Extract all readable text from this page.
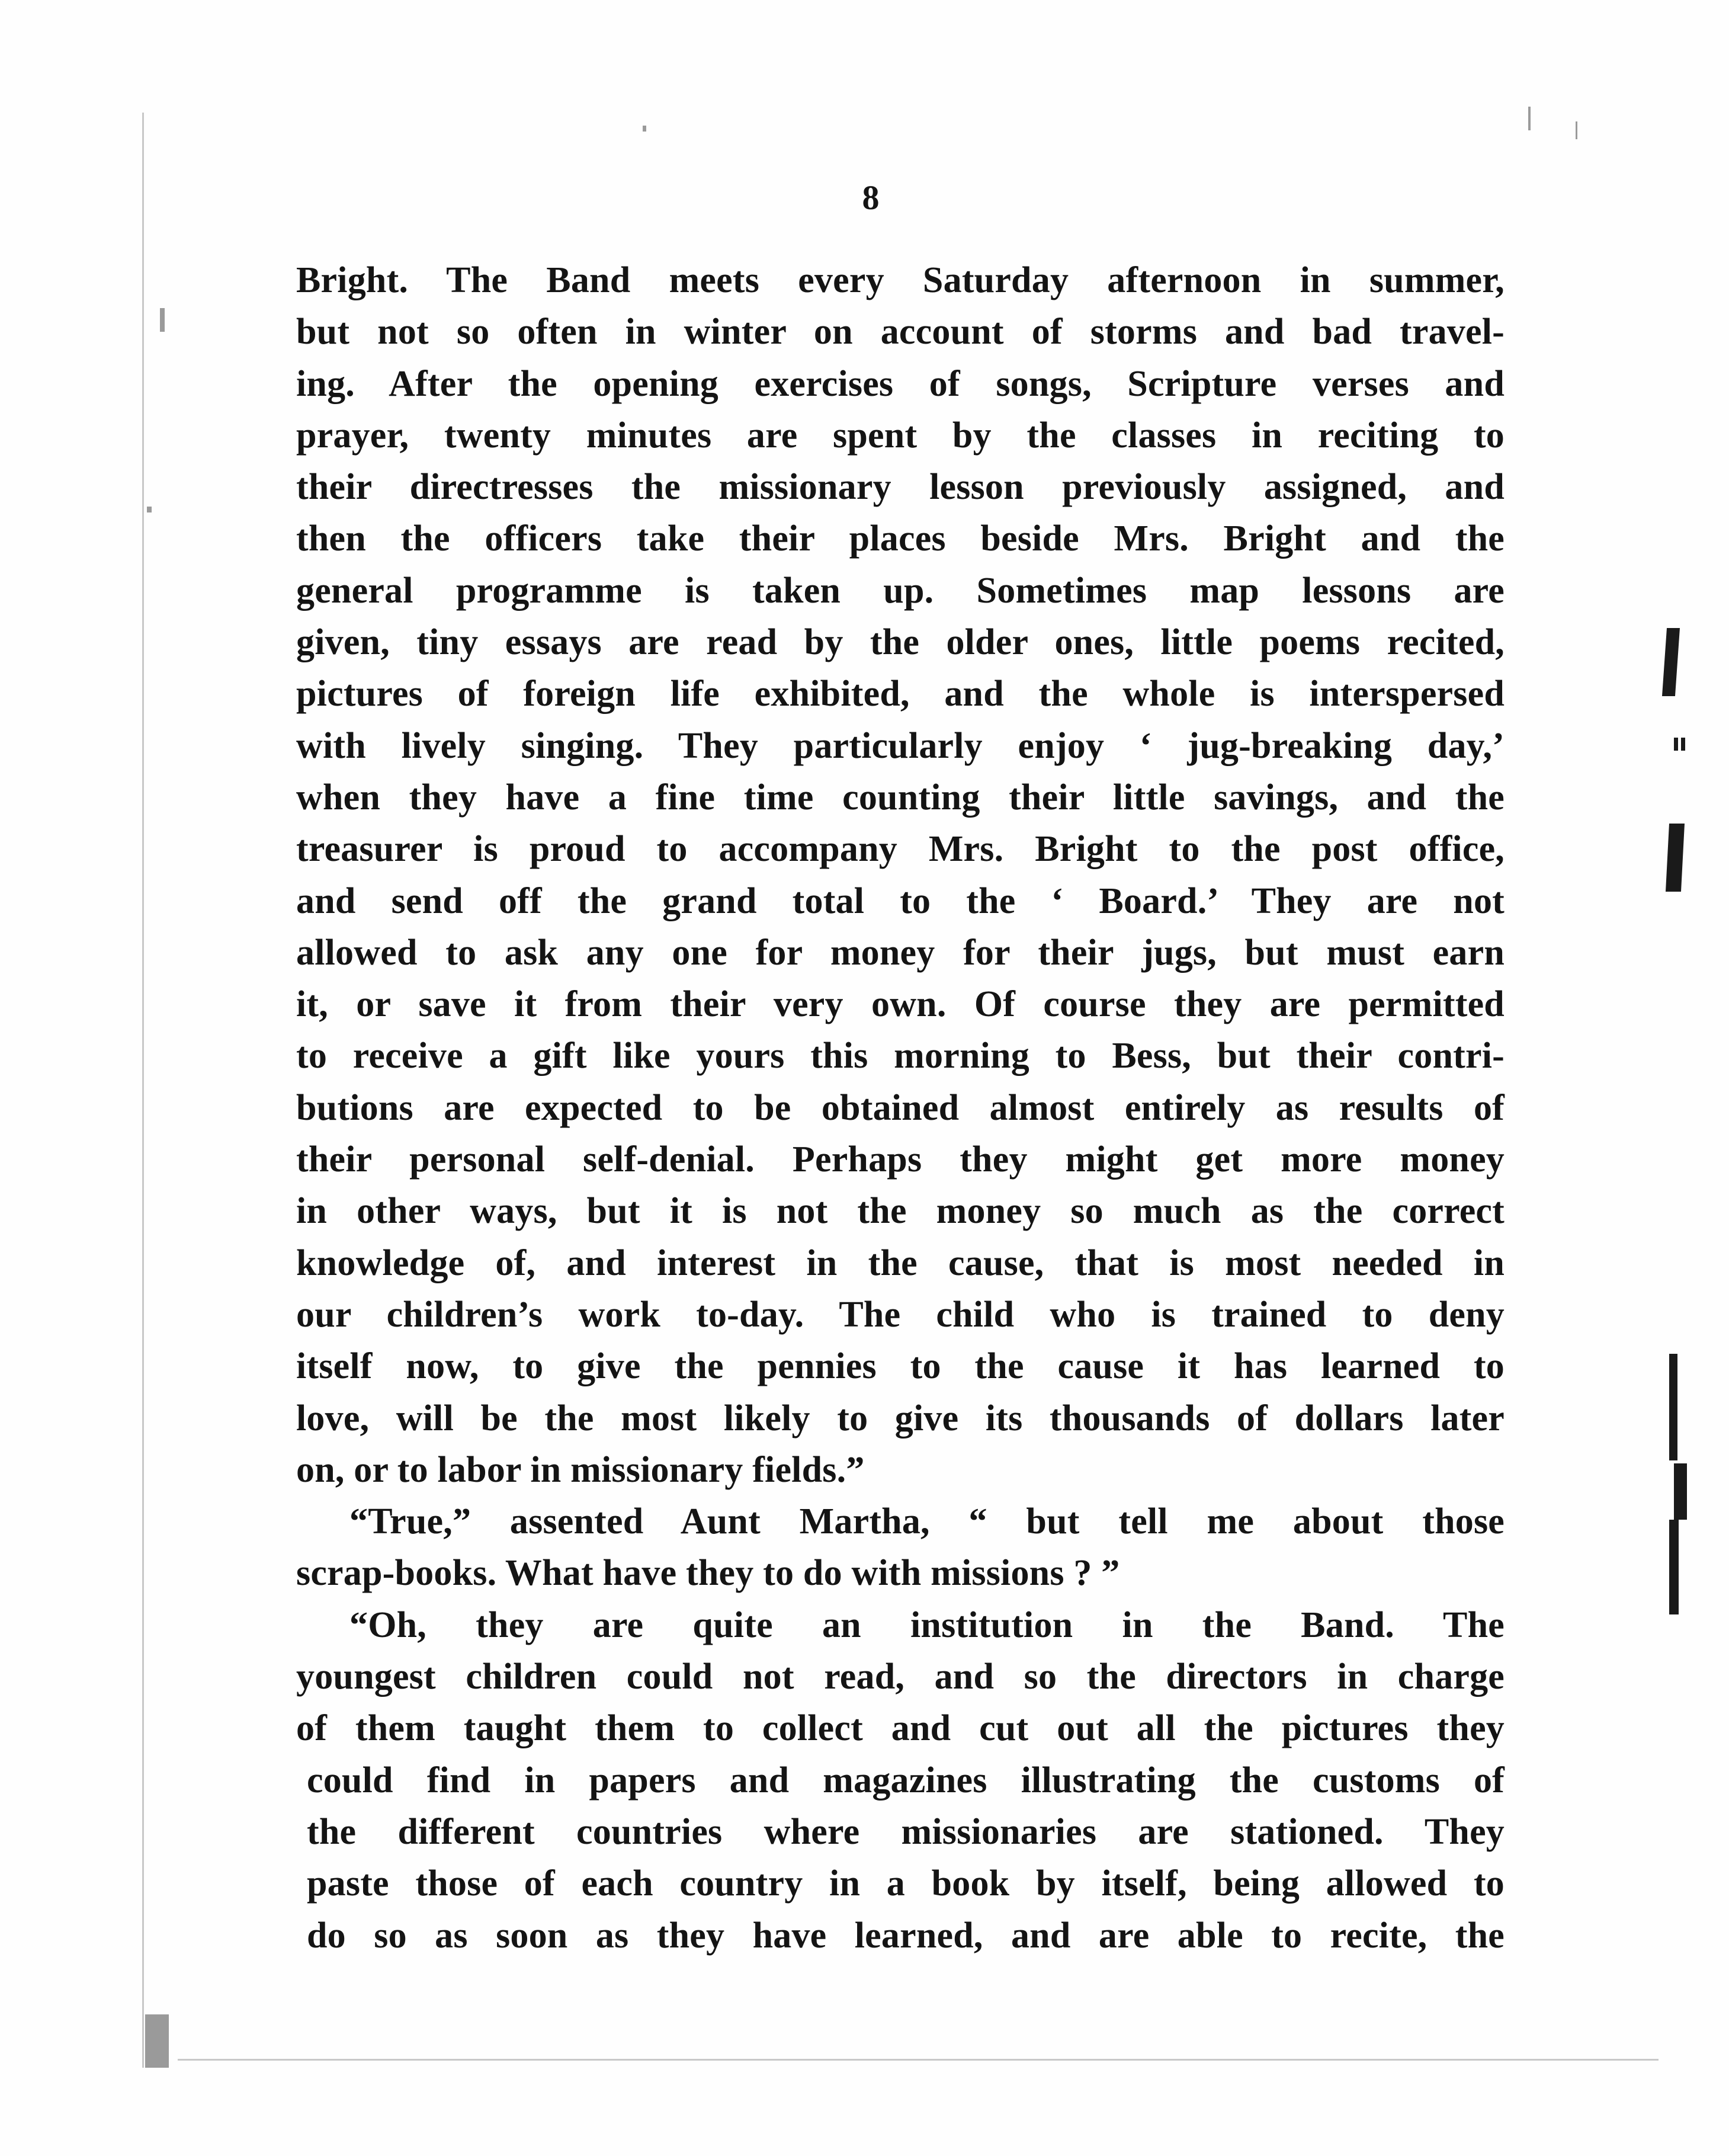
8
Bright. The Band meets every Saturday afternoon in summer,
but not so often in winter on account of storms and bad travel-
ing. After the opening exercises of songs, Scripture verses and
prayer, twenty minutes are spent by the classes in reciting to
their directresses the missionary lesson previously assigned, and
then the officers take their places beside Mrs. Bright and the
general programme is taken up. Sometimes map lessons are
given, tiny essays are read by the older ones, little poems recited,
pictures of foreign life exhibited, and the whole is interspersed
with lively singing. They particularly enjoy ‘ jug-breaking day,’
when they have a fine time counting their little savings, and the
treasurer is proud to accompany Mrs. Bright to the post office,
and send off the grand total to the ‘ Board.’ They are not
allowed to ask any one for money for their jugs, but must earn
it, or save it from their very own. Of course they are permitted
to receive a gift like yours this morning to Bess, but their contri-
butions are expected to be obtained almost entirely as results of
their personal self-denial. Perhaps they might get more money
in other ways, but it is not the money so much as the correct
knowledge of, and interest in the cause, that is most needed in
our children’s work to-day. The child who is trained to deny
itself now, to give the pennies to the cause it has learned to
love, will be the most likely to give its thousands of dollars later
on, or to labor in missionary fields.”
“True,” assented Aunt Martha, “ but tell me about those
scrap-books. What have they to do with missions ? ”
“Oh, they are quite an institution in the Band. The
youngest children could not read, and so the directors in charge
of them taught them to collect and cut out all the pictures they
could find in papers and magazines illustrating the customs of
the different countries where missionaries are stationed. They
paste those of each country in a book by itself, being allowed to
do so as soon as they have learned, and are able to recite, the
